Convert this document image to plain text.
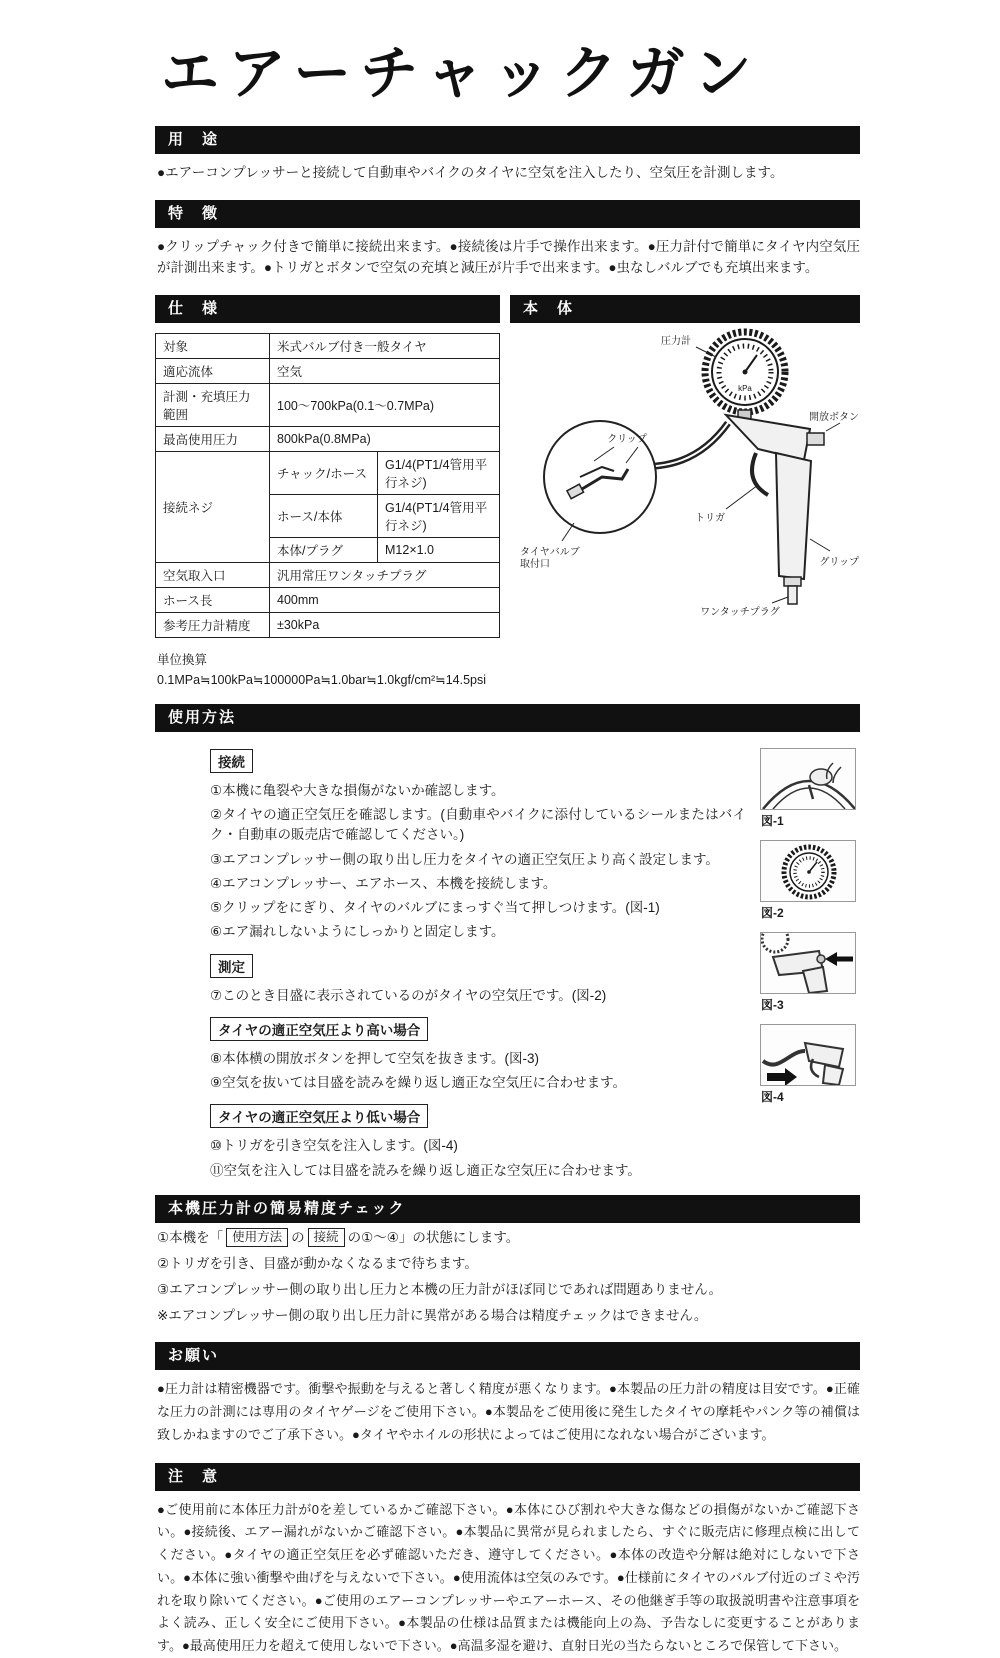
エアーチャックガン
用　途

●エアーコンプレッサーと接続して自動車やバイクのタイヤに空気を注入したり、空気圧を計測します。

特　徴

●クリップチャック付きで簡単に接続出来ます。●接続後は片手で操作出来ます。●圧力計付で簡単にタイヤ内空気圧が計測出来ます。●トリガとボタンで空気の充填と減圧が片手で出来ます。●虫なしバルブでも充填出来ます。

仕　様
対象	米式バルブ付き一般タイヤ	
適応流体	空気	
計測・充填圧力範囲	100〜700kPa(0.1〜0.7MPa)	
最高使用圧力	800kPa(0.8MPa)	
接続ネジ	チャック/ホース	G1/4(PT1/4管用平行ネジ)
	ホース/本体	G1/4(PT1/4管用平行ネジ)
	本体/プラグ	M12×1.0
空気取入口	汎用常圧ワンタッチプラグ	
ホース長	400mm	
参考圧力計精度	±30kPa	
単位換算
0.1MPa≒100kPa≒100000Pa≒1.0bar≒1.0kgf/cm²≒14.5psi
本　体
kPa
圧力計
開放ボタン
クリップ
トリガ
タイヤバルブ
取付口	グリップ
ワンタッチプラグ
使用方法
接続
①本機に亀裂や大きな損傷がないか確認します。
②タイヤの適正空気圧を確認します。(自動車やバイクに添付しているシールまたはバイク・自動車の販売店で確認してください。)
③エアコンプレッサー側の取り出し圧力をタイヤの適正空気圧より高く設定します。
④エアコンプレッサー、エアホース、本機を接続します。
⑤クリップをにぎり、タイヤのバルブにまっすぐ当て押しつけます。(図-1)
⑥エア漏れしないようにしっかりと固定します。
測定
⑦このとき目盛に表示されているのがタイヤの空気圧です。(図-2)
タイヤの適正空気圧より高い場合
⑧本体横の開放ボタンを押して空気を抜きます。(図-3)
⑨空気を抜いては目盛を読みを繰り返し適正な空気圧に合わせます。
タイヤの適正空気圧より低い場合
⑩トリガを引き空気を注入します。(図-4)
⑪空気を注入しては目盛を読みを繰り返し適正な空気圧に合わせます。
図-1
図-2
図-3
図-4
本機圧力計の簡易精度チェック
①本機を「 使用方法 の 接続 の①〜④」の状態にします。
②トリガを引き、目盛が動かなくなるまで待ちます。
③エアコンプレッサー側の取り出し圧力と本機の圧力計がほぼ同じであれば問題ありません。
※エアコンプレッサー側の取り出し圧力計に異常がある場合は精度チェックはできません。
お願い

●圧力計は精密機器です。衝撃や振動を与えると著しく精度が悪くなります。●本製品の圧力計の精度は目安です。●正確な圧力の計測には専用のタイヤゲージをご使用下さい。●本製品をご使用後に発生したタイヤの摩耗やパンク等の補償は致しかねますのでご了承下さい。●タイヤやホイルの形状によってはご使用になれない場合がございます。

注　意

●ご使用前に本体圧力計が0を差しているかご確認下さい。●本体にひび割れや大きな傷などの損傷がないかご確認下さい。●接続後、エアー漏れがないかご確認下さい。●本製品に異常が見られましたら、すぐに販売店に修理点検に出してください。●タイヤの適正空気圧を必ず確認いただき、遵守してください。●本体の改造や分解は絶対にしないで下さい。●本体に強い衝撃や曲げを与えないで下さい。●使用流体は空気のみです。●仕様前にタイヤのバルブ付近のゴミや汚れを取り除いてください。●ご使用のエアーコンプレッサーやエアーホース、その他継ぎ手等の取扱説明書や注意事項をよく読み、正しく安全にご使用下さい。●本製品の仕様は品質または機能向上の為、予告なしに変更することがあります。●最高使用圧力を超えて使用しないで下さい。●高温多湿を避け、直射日光の当たらないところで保管して下さい。
